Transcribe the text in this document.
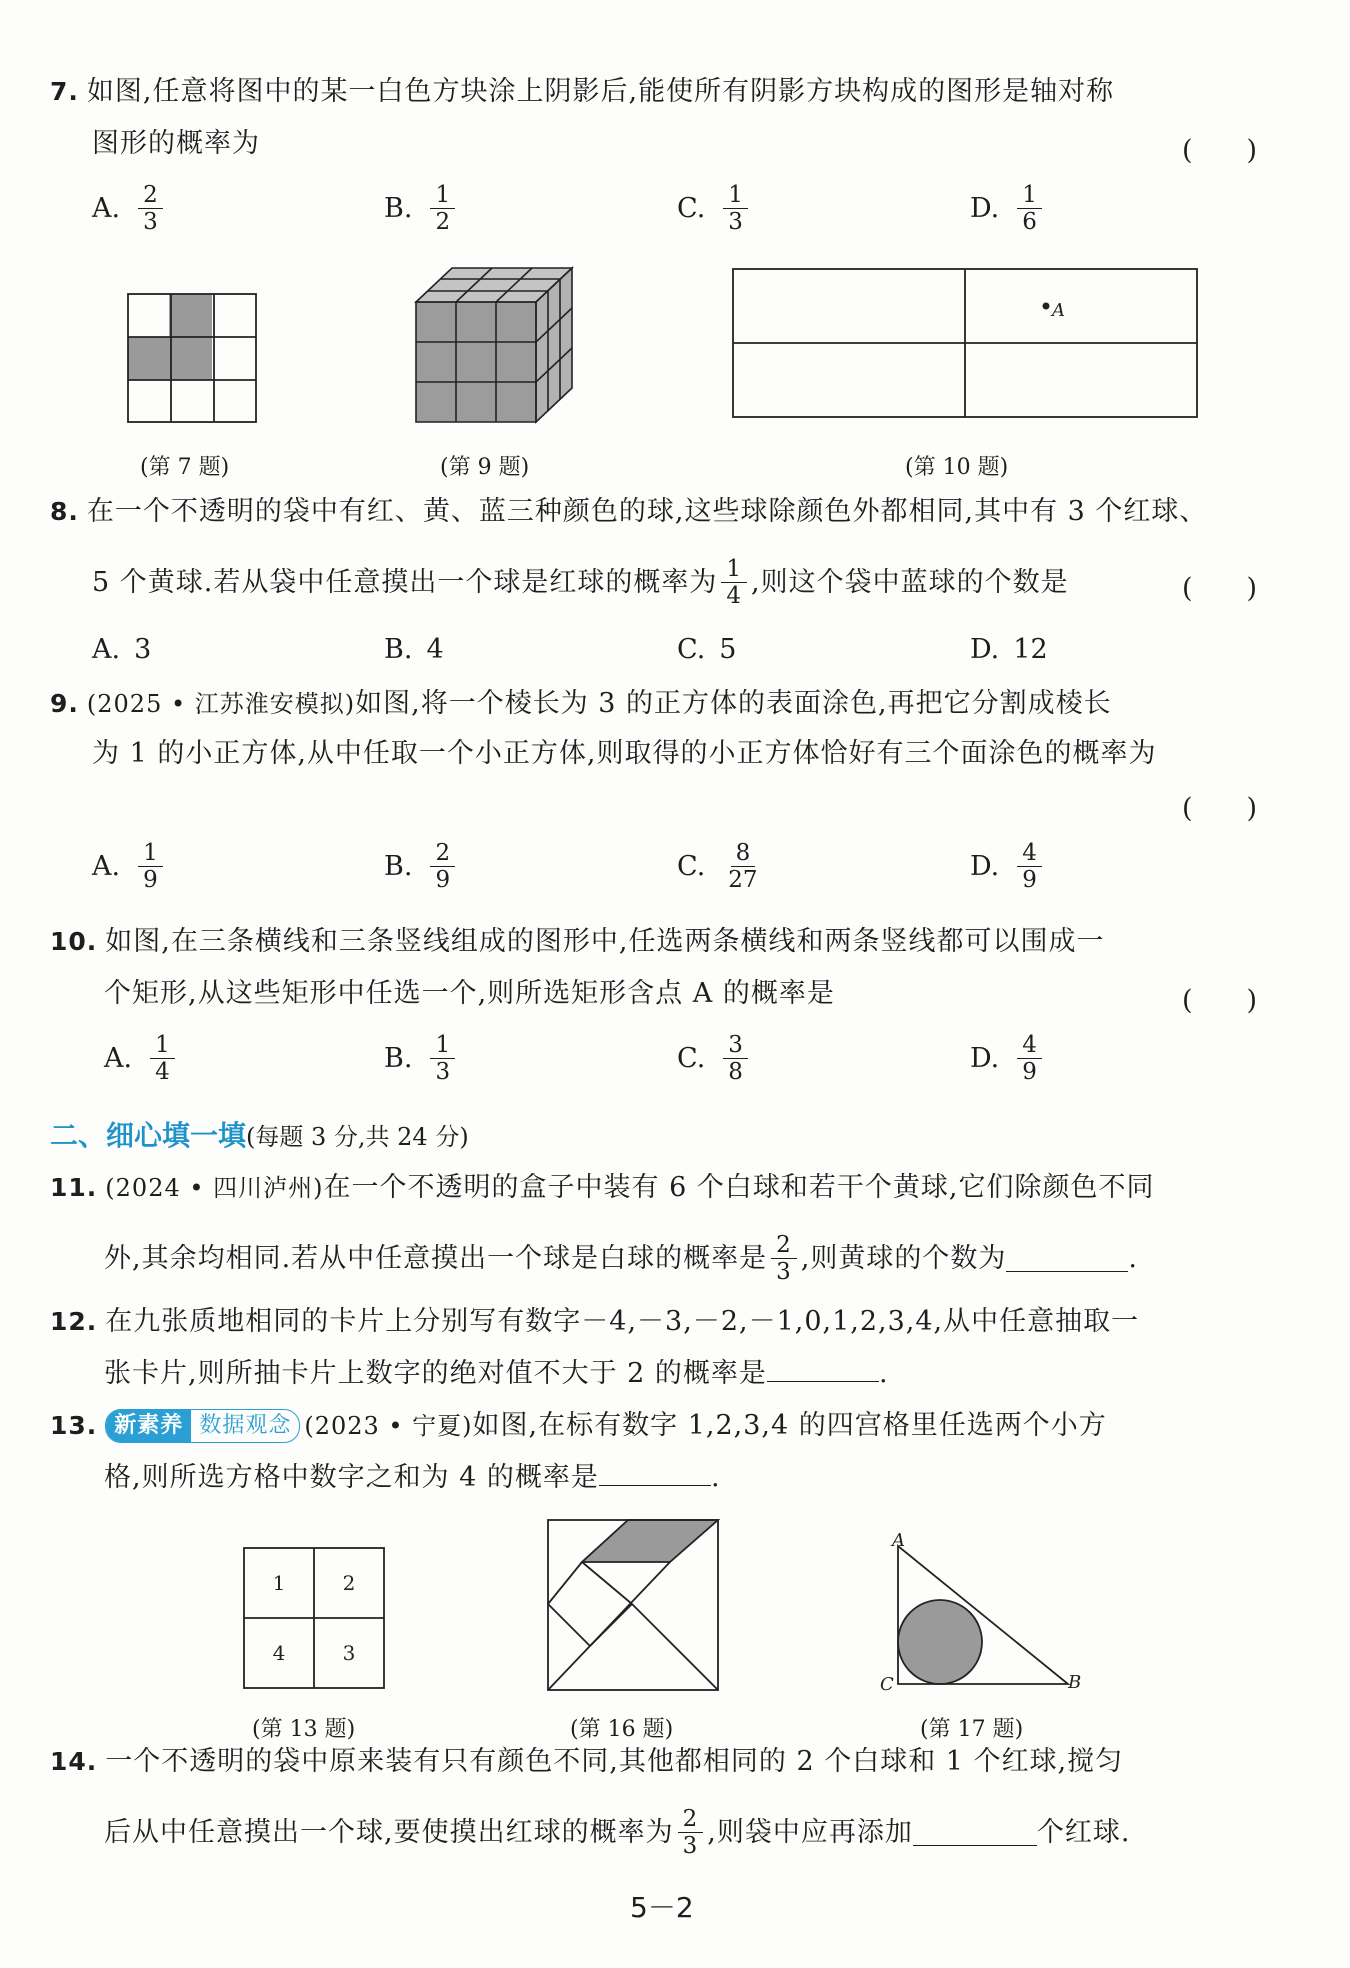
7. 如图,任意将图中的某一白色方块涂上阴影后,能使所有阴影方块构成的图形是轴对称
图形的概率为	(　　)
A. $\frac{2}{3}$	B. $\frac{1}{2}$	C. $\frac{1}{3}$	D. $\frac{1}{6}$
(第 7 题)	(第 9 题)
A
(第 10 题)
8. 在一个不透明的袋中有红、黄、蓝三种颜色的球,这些球除颜色外都相同,其中有 3 个红球、
5 个黄球.若从袋中任意摸出一个球是红球的概率为 $\frac{1}{4}$ ,则这个袋中蓝球的个数是	(　　)
A. 3	B. 4	C. 5	D. 12
9. (2025 • 江苏淮安模拟)如图,将一个棱长为 3 的正方体的表面涂色,再把它分割成棱长
为 1 的小正方体,从中任取一个小正方体,则取得的小正方体恰好有三个面涂色的概率为
(　　)
A. $\frac{1}{9}$	B. $\frac{2}{9}$	C. $\frac{8}{27}$	D. $\frac{4}{9}$
10. 如图,在三条横线和三条竖线组成的图形中,任选两条横线和两条竖线都可以围成一
个矩形,从这些矩形中任选一个,则所选矩形含点 A 的概率是	(　　)
A. $\frac{1}{4}$	B. $\frac{1}{3}$	C. $\frac{3}{8}$	D. $\frac{4}{9}$
二、细心填一填(每题 3 分,共 24 分)
11. (2024 • 四川泸州)在一个不透明的盒子中装有 6 个白球和若干个黄球,它们除颜色不同
外,其余均相同.若从中任意摸出一个球是白球的概率是 $\frac{2}{3}$ ,则黄球的个数为	.
12. 在九张质地相同的卡片上分别写有数字－4,－3,－2,－1,0,1,2,3,4,从中任意抽取一
张卡片,则所抽卡片上数字的绝对值不大于 2 的概率是	.
13. 新素养 数据观念 (2023 • 宁夏) 如图,在标有数字 1,2,3,4 的四宫格里任选两个小方
格,则所选方格中数字之和为 4 的概率是	.
1	2
4	3
(第 13 题)	(第 16 题)
A
C	B
(第 17 题)
14. 一个不透明的袋中原来装有只有颜色不同,其他都相同的 2 个白球和 1 个红球,搅匀
后从中任意摸出一个球,要使摸出红球的概率为 $\frac{2}{3}$ ,则袋中应再添加	个红球.
5－2
